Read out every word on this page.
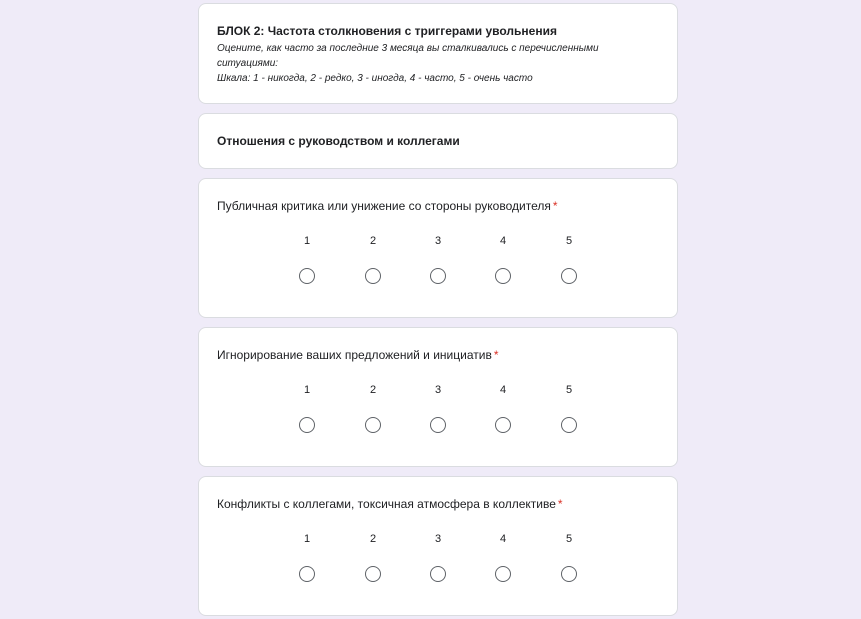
БЛОК 2: Частота столкновения с триггерами увольнения
Оцените, как часто за последние 3 месяца вы сталкивались с перечисленными ситуациями:
Шкала: 1 - никогда, 2 - редко, 3 - иногда, 4 - часто, 5 - очень часто
Отношения с руководством и коллегами
Публичная критика или унижение со стороны руководителя *
1	2	3	4	5
Игнорирование ваших предложений и инициатив *
1	2	3	4	5
Конфликты с коллегами, токсичная атмосфера в коллективе *
1	2	3	4	5
